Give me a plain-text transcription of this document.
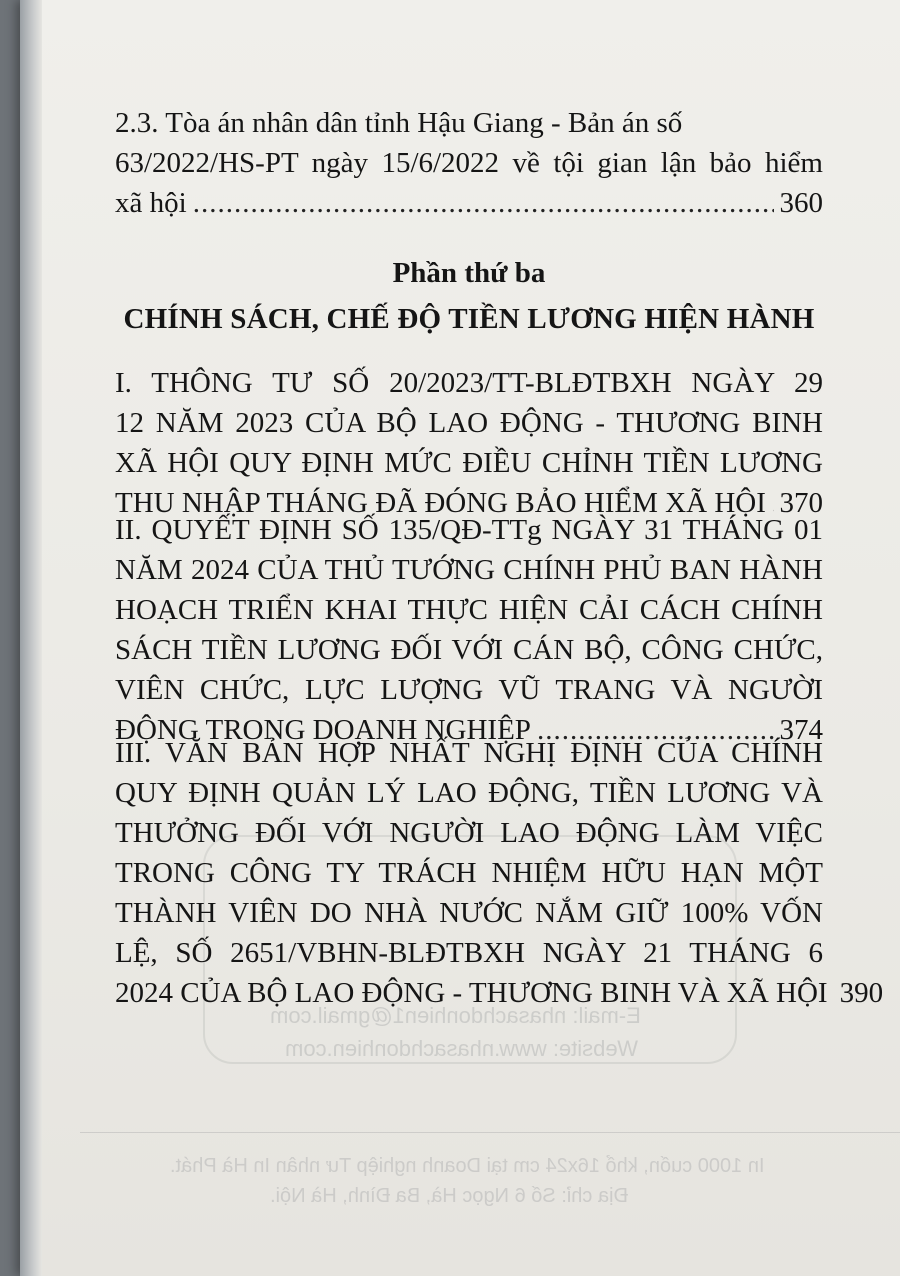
E-mail: nhasachdonhien1@gmail.com
Website: www.nhasachdonhien.com
In 1000 cuốn, khổ 16x24 cm tại Doanh nghiệp Tư nhân In Hà Phát.
Địa chỉ: Số 6 Ngọc Hà, Ba Đình, Hà Nội.
2.3. Tòa án nhân dân tỉnh Hậu Giang - Bản án số
63/2022/HS-PT ngày 15/6/2022 về tội gian lận bảo hiểm
xã hội .....	360
Phần thứ ba
CHÍNH SÁCH, CHẾ ĐỘ TIỀN LƯƠNG HIỆN HÀNH
I. THÔNG TƯ SỐ 20/2023/TT-BLĐTBXH NGÀY 29
12 NĂM 2023 CỦA BỘ LAO ĐỘNG - THƯƠNG BINH
XÃ HỘI QUY ĐỊNH MỨC ĐIỀU CHỈNH TIỀN LƯƠNG
THU NHẬP THÁNG ĐÃ ĐÓNG BẢO HIỂM XÃ HỘI ..... 370
II. QUYẾT ĐỊNH SỐ 135/QĐ-TTg NGÀY 31 THÁNG 01
NĂM 2024 CỦA THỦ TƯỚNG CHÍNH PHỦ BAN HÀNH
HOẠCH TRIỂN KHAI THỰC HIỆN CẢI CÁCH CHÍNH
SÁCH TIỀN LƯƠNG ĐỐI VỚI CÁN BỘ, CÔNG CHỨC,
VIÊN CHỨC, LỰC LƯỢNG VŨ TRANG VÀ NGƯỜI
ĐỘNG TRONG DOANH NGHIỆP .....	374
III. VĂN BẢN HỢP NHẤT NGHỊ ĐỊNH CỦA CHÍNH
QUY ĐỊNH QUẢN LÝ LAO ĐỘNG, TIỀN LƯƠNG VÀ
THƯỞNG ĐỐI VỚI NGƯỜI LAO ĐỘNG LÀM VIỆC
TRONG CÔNG TY TRÁCH NHIỆM HỮU HẠN MỘT
THÀNH VIÊN DO NHÀ NƯỚC NẮM GIỮ 100% VỐN
LỆ, SỐ 2651/VBHN-BLĐTBXH NGÀY 21 THÁNG 6
2024 CỦA BỘ LAO ĐỘNG - THƯƠNG BINH VÀ XÃ HỘI 390
